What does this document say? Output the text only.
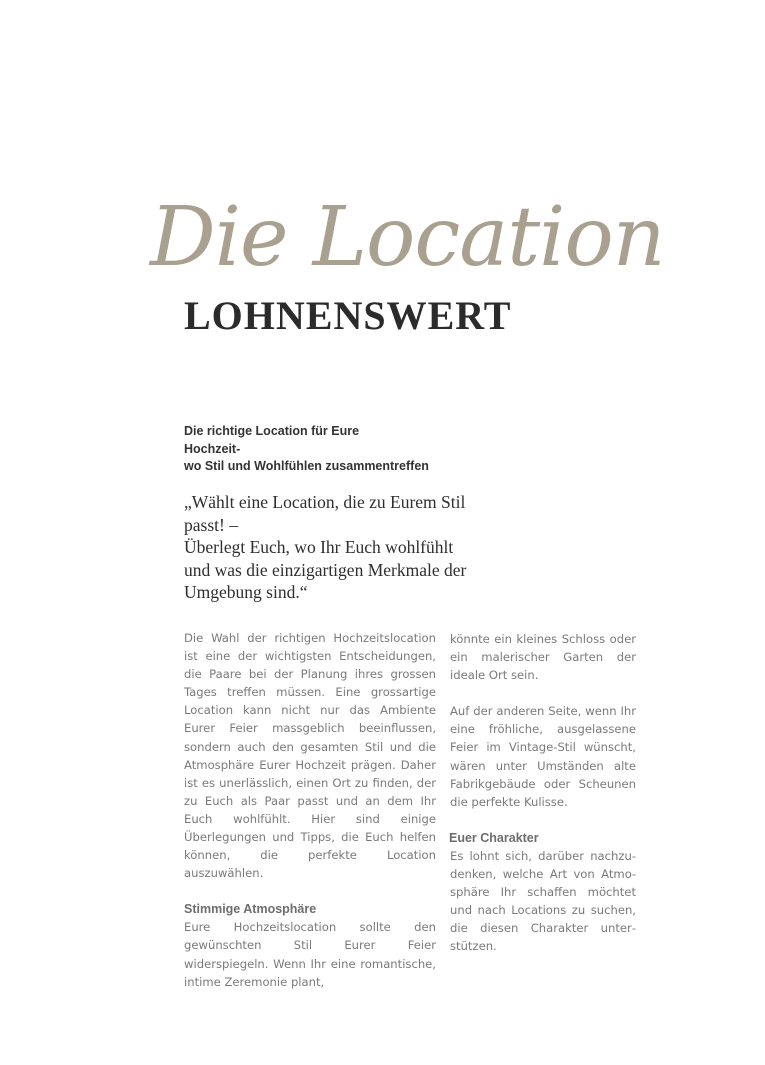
Die Location
LOHNENSWERT
Die richtige Location für Eure
Hochzeit-
wo Stil und Wohlfühlen zusammentreffen
„Wählt eine Location, die zu Eurem Stil
passt! –
Überlegt Euch, wo Ihr Euch wohlfühlt
und was die einzigartigen Merkmale der
Umgebung sind.“

Die Wahl der richtigen Hochzeitslocation ist eine der wichtigsten Entscheidungen, die Paare bei der Planung ihres grossen Tages treffen müssen. Eine grossartige Location kann nicht nur das Ambiente Eurer Feier massgeblich beeinflussen, sondern auch den gesamten Stil und die Atmosphäre Eurer Hochzeit prägen. Daher ist es unerlässlich, einen Ort zu finden, der zu Euch als Paar passt und an dem Ihr Euch wohlfühlt. Hier sind einige Überlegungen und Tipps, die Euch helfen können, die perfekte Location auszuwählen.

Stimmige Atmosphäre

Eure Hochzeitslocation sollte den gewünschten Stil Eurer Feier widerspiegeln. Wenn Ihr eine romantische, intime Zeremonie plant,

könnte ein kleines Schloss oder ein malerischer Garten der ideale Ort sein.

Auf der anderen Seite, wenn Ihr eine fröhliche, ausgelassene Feier im Vintage-Stil wünscht, wären unter Umständen alte Fabrikgebäude oder Scheunen die perfekte Kulisse.

Euer Charakter

Es lohnt sich, darüber nachzudenken, welche Art von Atmosphäre Ihr schaffen möchtet und nach Locations zu suchen, die diesen Charakter unterstützen.
